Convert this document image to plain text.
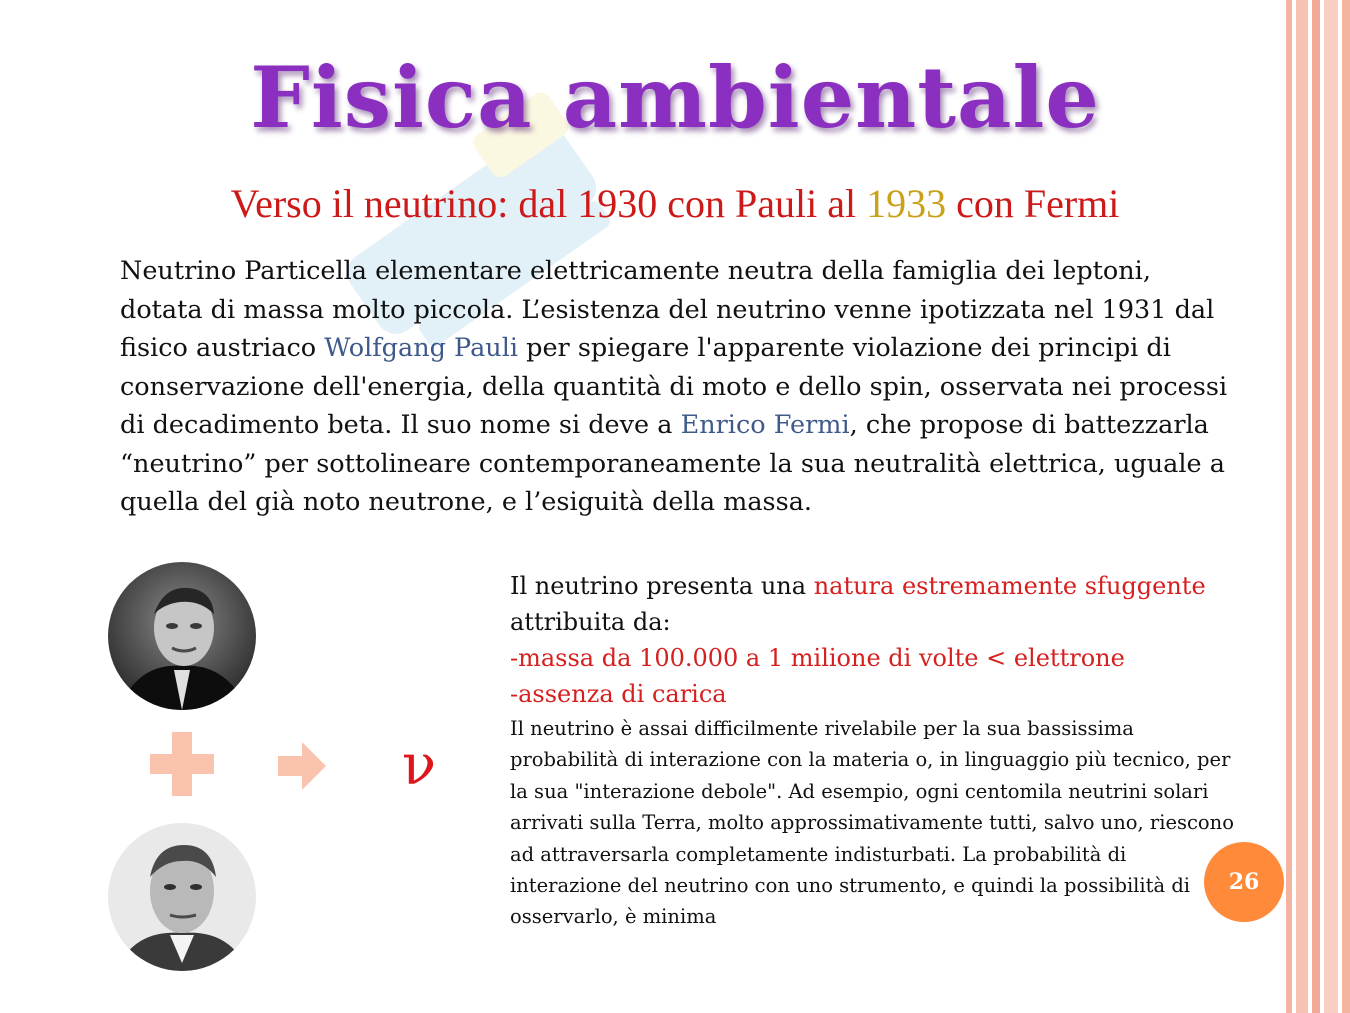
Fisica ambientale

Verso il neutrino: dal 1930 con Pauli al 1933 con Fermi

Neutrino Particella elementare elettricamente neutra della famiglia dei leptoni, dotata di massa molto piccola. L’esistenza del neutrino venne ipotizzata nel 1931 dal fisico austriaco Wolfgang Pauli per spiegare l'apparente violazione dei principi di conservazione dell'energia, della quantità di moto e dello spin, osservata nei processi di decadimento beta. Il suo nome si deve a Enrico Fermi, che propose di battezzarla “neutrino” per sottolineare contemporaneamente la sua neutralità elettrica, uguale a quella del già noto neutrone, e l’esiguità della massa.
ν
Il neutrino presenta una natura estremamente sfuggente attribuita da:
-massa da 100.000 a 1 milione di volte < elettrone
-assenza di carica
Il neutrino è assai difficilmente rivelabile per la sua bassissima probabilità di interazione con la materia o, in linguaggio più tecnico, per la sua "interazione debole". Ad esempio, ogni centomila neutrini solari arrivati sulla Terra, molto approssimativamente tutti, salvo uno, riescono ad attraversarla completamente indisturbati. La probabilità di interazione del neutrino con uno strumento, e quindi la possibilità di osservarlo, è minima
26
